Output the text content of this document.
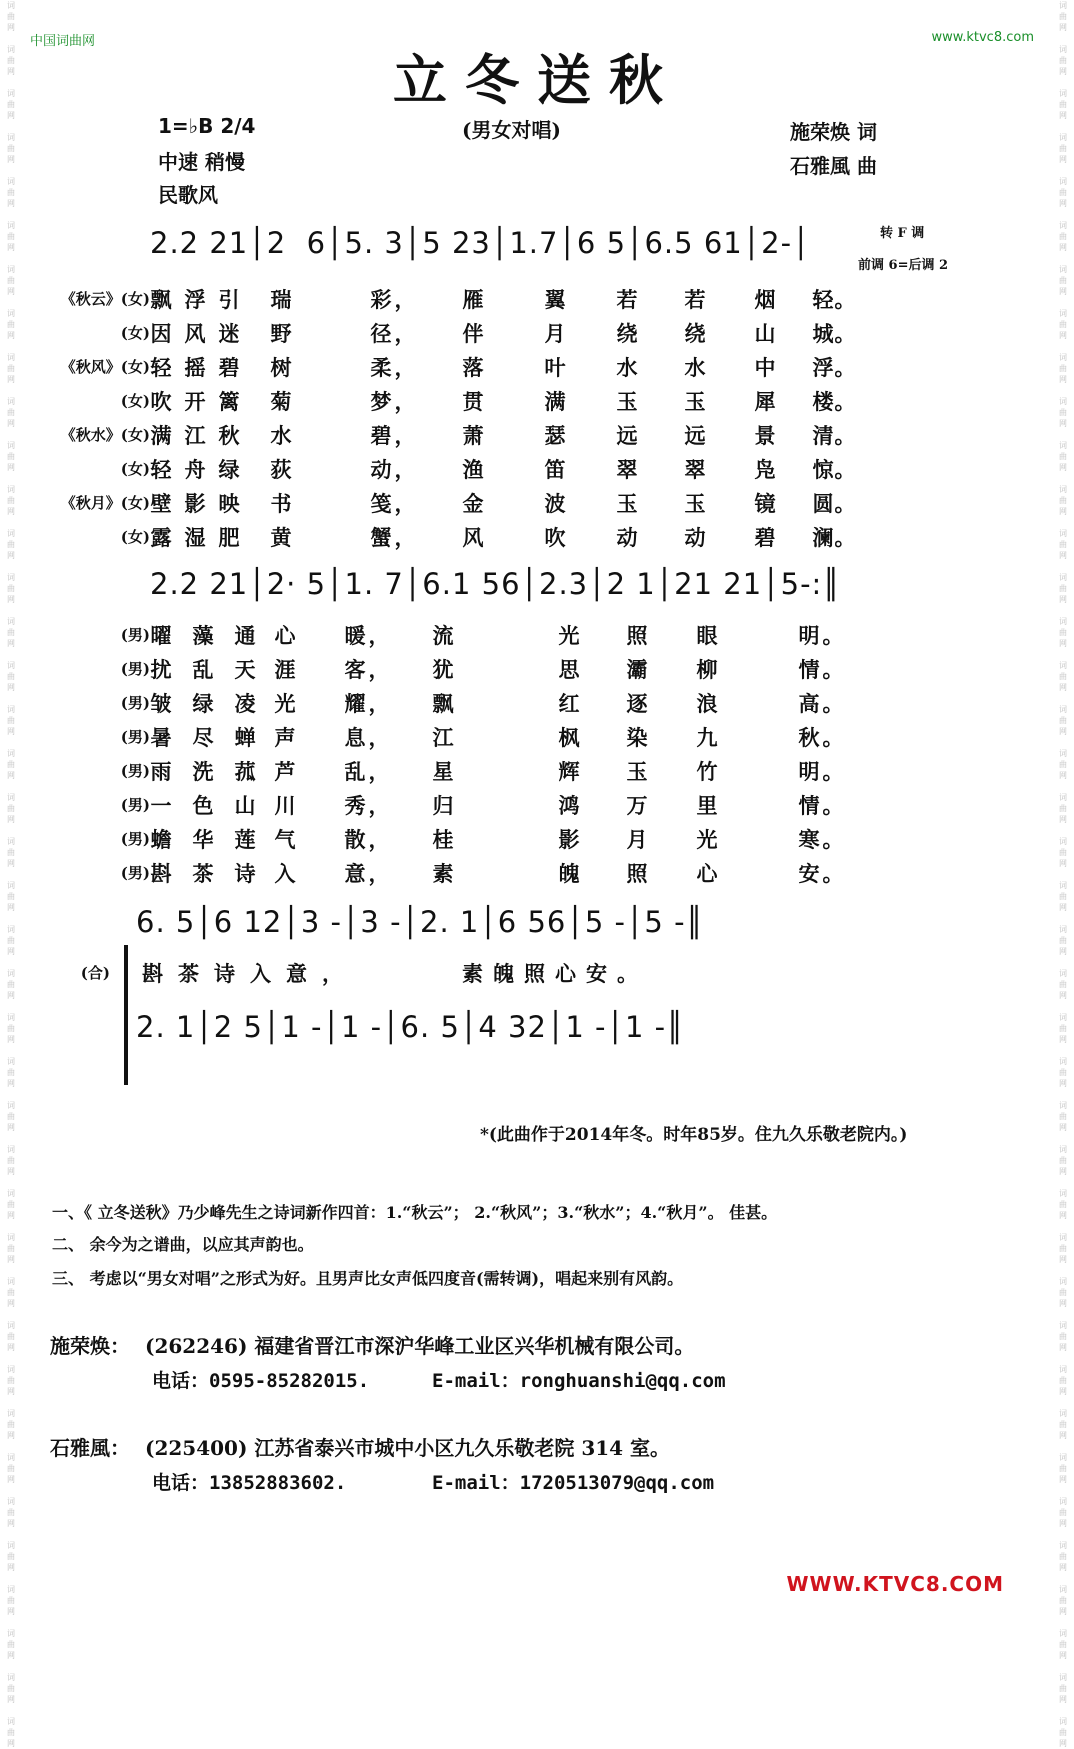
词
曲
网

词
曲
网

词
曲
网

词
曲
网

词
曲
网

词
曲
网

词
曲
网

词
曲
网

词
曲
网

词
曲
网

词
曲
网

词
曲
网

词
曲
网

词
曲
网

词
曲
网

词
曲
网

词
曲
网

词
曲
网

词
曲
网

词
曲
网

词
曲
网

词
曲
网

词
曲
网

词
曲
网

词
曲
网

词
曲
网

词
曲
网

词
曲
网

词
曲
网

词
曲
网

词
曲
网

词
曲
网

词
曲
网

词
曲
网

词
曲
网

词
曲
网

词
曲
网

词
曲
网

词
曲
网

词
曲
网

词
曲
网

词
曲
网

词
曲
网

词
曲
网

词
曲
网

词
曲
网

词
曲
网

词
曲
网

词
曲
网

词
曲
网

词
曲
网

词
曲
网

词
曲
网

词
曲
网

词
曲
网

词
曲
网

词
曲
网

词
曲
网

词
曲
网

词
曲
网

词
曲
网

词
曲
网

词
曲
网

词
曲
网

词
曲
网

词
曲
网

词
曲
网

词
曲
网

词
曲
网

词
曲
网

词
曲
网

词
曲
网

词
曲
网

词
曲
网

词
曲
网

词
曲
网

词
曲
网

词
曲
网

词
曲
网

词
曲
网

中国词曲网	www.ktvc8.com
立冬送秋
1=♭B 2/4
中速 稍慢
民歌风
(男女对唱)	施荣焕 词
石雅風 曲
2.2 21│2  6│5. 3│5 23│1.7│6 5│6.5 61│2-│	转 F 调
前调 6=后调 2
《秋云》(女) 飘 浮 引 瑞	彩 ， 雁	翼 若 若 烟 轻 。
(女) 因 风 迷 野	径 ， 伴	月 绕 绕 山 城 。
《秋风》(女) 轻 摇 碧 树	柔 ， 落	叶 水 水 中 浮 。
(女) 吹 开 篱 菊	梦 ， 贯	满 玉 玉 犀 楼 。
《秋水》(女) 满 江 秋 水	碧 ， 萧	瑟 远 远 景 清 。
(女) 轻 舟 绿 荻	动 ， 渔	笛 翠 翠 凫 惊 。
《秋月》(女) 壁 影 映 书	笺 ， 金	波 玉 玉 镜 圆 。
(女) 露 湿 肥 黄	蟹 ， 风	吹 动 动 碧 澜 。
2.2 21│2· 5│1. 7│6.1 56│2.3│2 1│21 21│5-:║
(男) 曜 藻 通 心 暖 ， 流	光 照 眼	明 。
(男) 扰 乱 天 涯 客 ， 犹	思 灞 柳	情 。
(男) 皱 绿 凌 光 耀 ， 飘	红 逐 浪	高 。
(男) 暑 尽 蝉 声 息 ， 江	枫 染 九	秋 。
(男) 雨 洗 菰 芦 乱 ， 星	辉 玉 竹	明 。
(男) 一 色 山 川 秀 ， 归	鸿 万 里	情 。
(男) 蟾 华 莲 气 散 ， 桂	影 月 光	寒 。
(男) 斟 茶 诗 入 意 ， 素	魄 照 心	安 。
6. 5│6 12│3 -│3 -│2. 1│6 56│5 -│5 -║
(合) 斟茶诗入意，	素魄照心安。
2. 1│2 5│1 -│1 -│6. 5│4 32│1 -│1 -║
*(此曲作于2014年冬。时年85岁。住九久乐敬老院内。)
一、《 立冬送秋》乃少峰先生之诗词新作四首：1.“秋云”； 2.“秋风”；3.“秋水”；4.“秋月”。 佳甚。
二、 余今为之谱曲，以应其声韵也。
三、 考虑以“男女对唱”之形式为好。且男声比女声低四度音(需转调)，唱起来别有风韵。
施荣焕： (262246) 福建省晋江市深沪华峰工业区兴华机械有限公司。
电话：0595-85282015.	E-mail：ronghuanshi@qq.com
石雅風： (225400) 江苏省泰兴市城中小区九久乐敬老院 314 室。
电话：13852883602.	E-mail：1720513079@qq.com
WWW.KTVC8.COM
